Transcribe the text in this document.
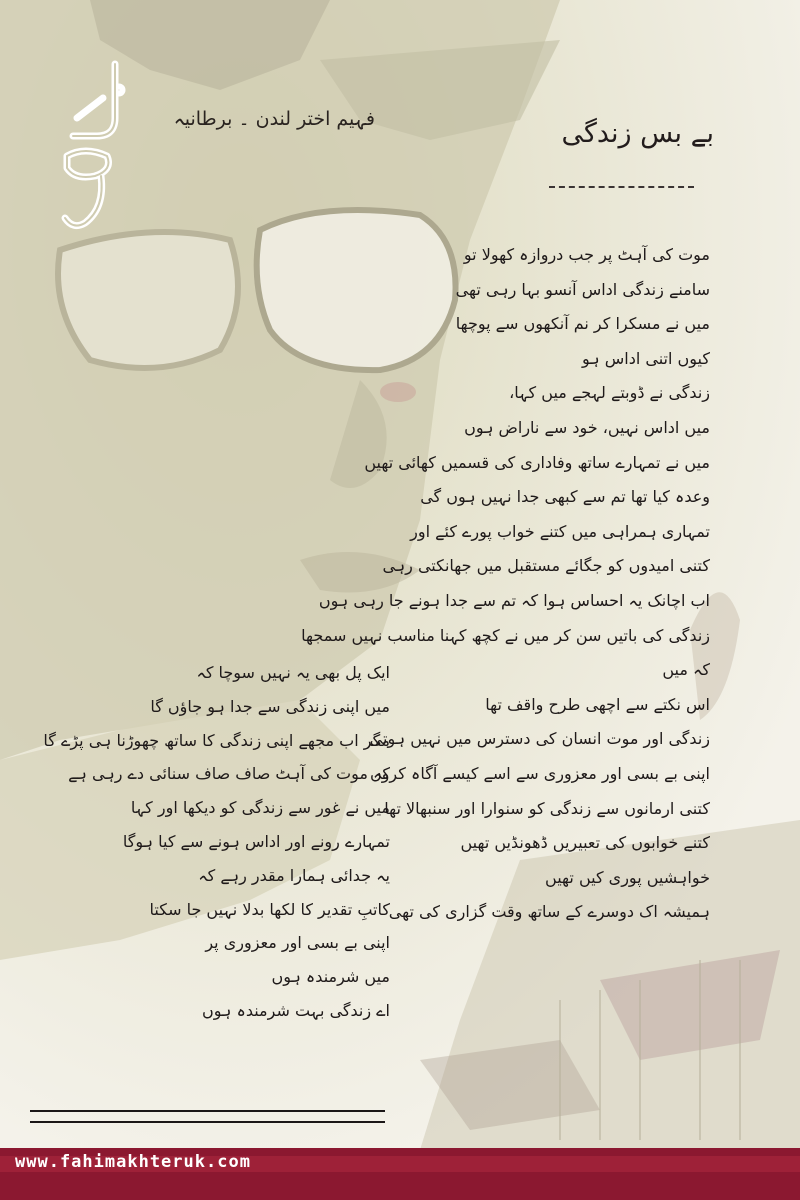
نظم
فہیم اختر لندن ۔ برطانیہ	بے بس زندگی
موت کی آہٹ پر جب دروازہ کھولا تو
سامنے زندگی اداس آنسو بہا رہی تھی
میں نے مسکرا کر نم آنکھوں سے پوچھا
کیوں اتنی اداس ہو
زندگی نے ڈوبتے لہجے میں کہا،
میں اداس نہیں، خود سے ناراض ہوں
میں نے تمہارے ساتھ وفاداری کی قسمیں کھائی تھیں
وعدہ کیا تھا تم سے کبھی جدا نہیں ہوں گی
تمہاری ہمراہی میں کتنے خواب پورے کئے اور
کتنی امیدوں کو جگائے مستقبل میں جھانکتی رہی
اب اچانک یہ احساس ہوا کہ تم سے جدا ہونے جا رہی ہوں
زندگی کی باتیں سن کر میں نے کچھ کہنا مناسب نہیں سمجھا
کہ میں
اس نکتے سے اچھی طرح واقف تھا
زندگی اور موت انسان کی دسترس میں نہیں ہوتی
اپنی بے بسی اور معزوری سے اسے کیسے آگاہ کروں
کتنی ارمانوں سے زندگی کو سنوارا اور سنبھالا تھا
کتنے خوابوں کی تعبیریں ڈھونڈیں تھیں
خواہشیں پوری کیں تھیں
ہمیشہ اک دوسرے کے ساتھ وقت گزاری کی تھی
ایک پل بھی یہ نہیں سوچا کہ
میں اپنی زندگی سے جدا ہو جاؤں گا
مگر اب مجھے اپنی زندگی کا ساتھ چھوڑنا ہی پڑے گا
کہ موت کی آہٹ صاف صاف سنائی دے رہی ہے
میں نے غور سے زندگی کو دیکھا اور کہا
تمہارے رونے اور اداس ہونے سے کیا ہوگا
یہ جدائی ہمارا مقدر رہے کہ
کاتبِ تقدیر کا لکھا بدلا نہیں جا سکتا
اپنی بے بسی اور معزوری پر
میں شرمندہ ہوں
اے زندگی بہت شرمندہ ہوں
www.fahimakhteruk.com
